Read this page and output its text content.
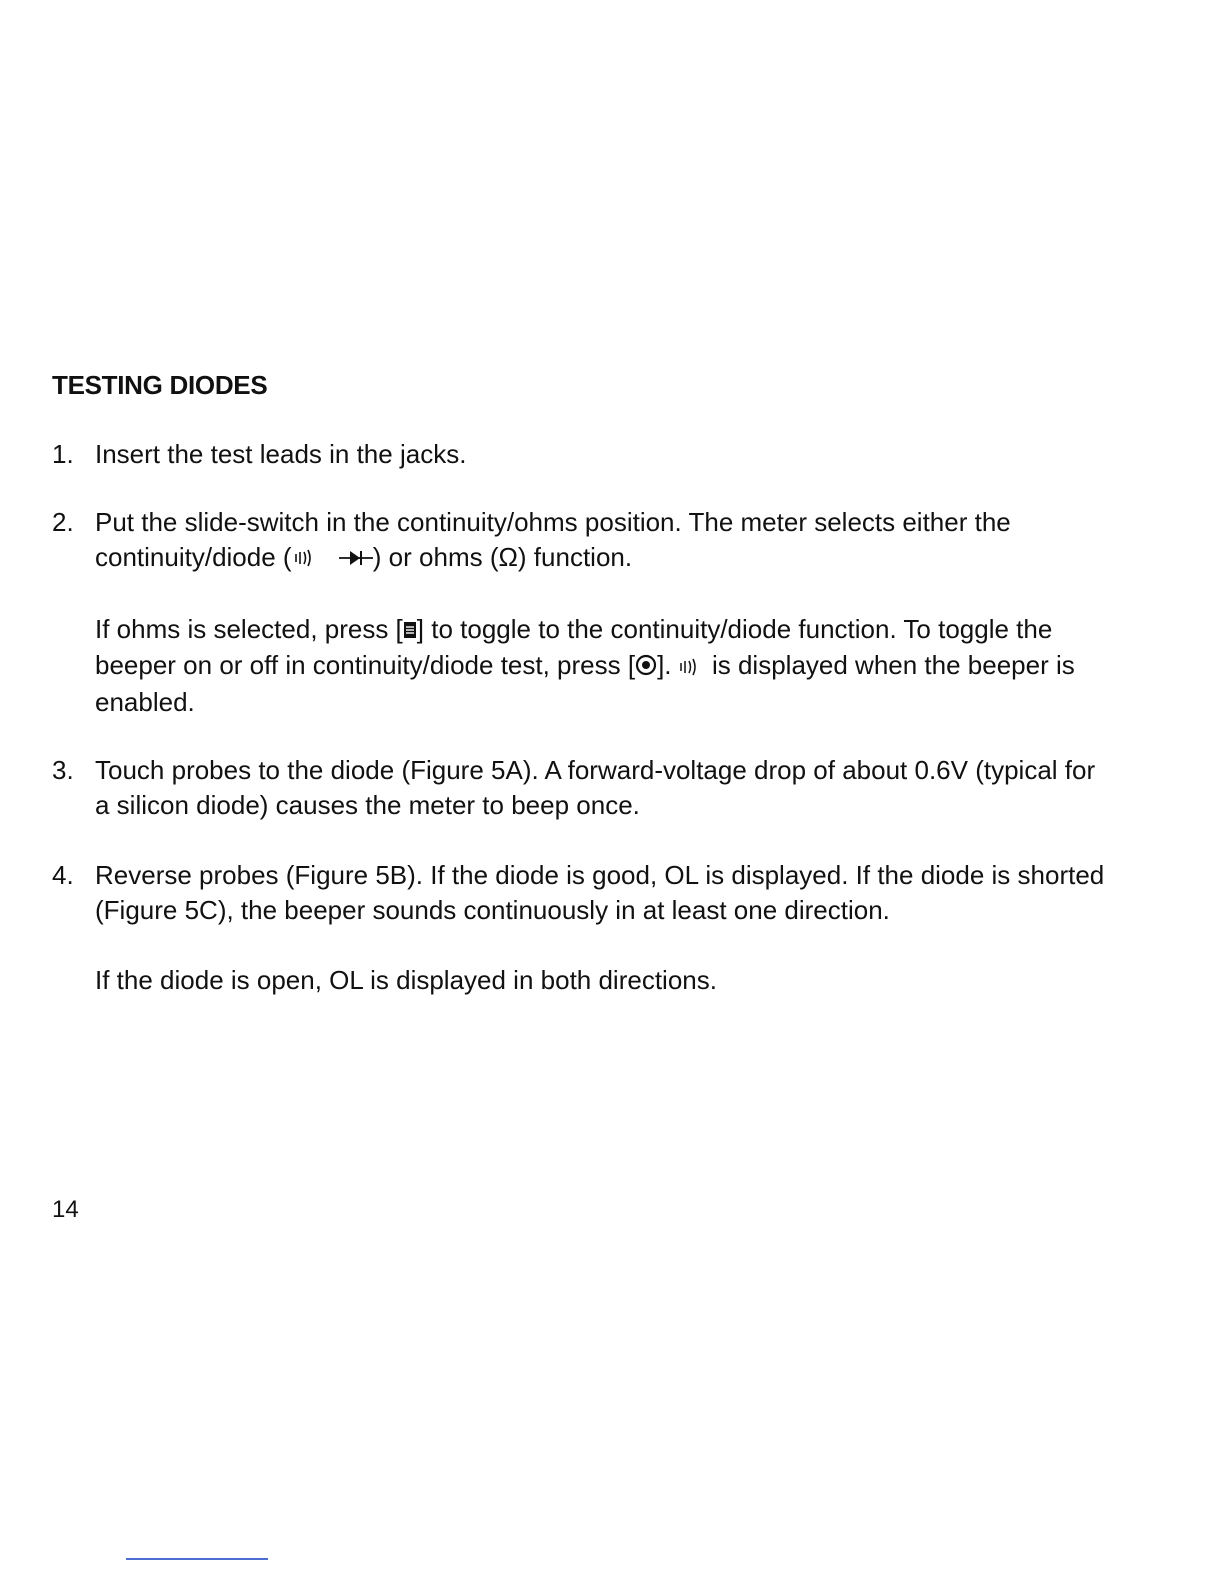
TESTING DIODES
1. Insert the test leads in the jacks.

2. Put the slide-switch in the continuity/ohms position. The meter selects either the
continuity/diode (	) or ohms (Ω) function.

If ohms is selected, press [ ] to toggle to the continuity/diode function. To toggle the beeper on or off in continuity/diode test, press [ ].  is displayed when the beeper is enabled.

3. Touch probes to the diode (Figure 5A). A forward-voltage drop of about 0.6V (typical for a silicon diode) causes the meter to beep once.

4. Reverse probes (Figure 5B). If the diode is good, OL is displayed. If the diode is shorted (Figure 5C), the beeper sounds continuously in at least one direction.

If the diode is open, OL is displayed in both directions.

14
